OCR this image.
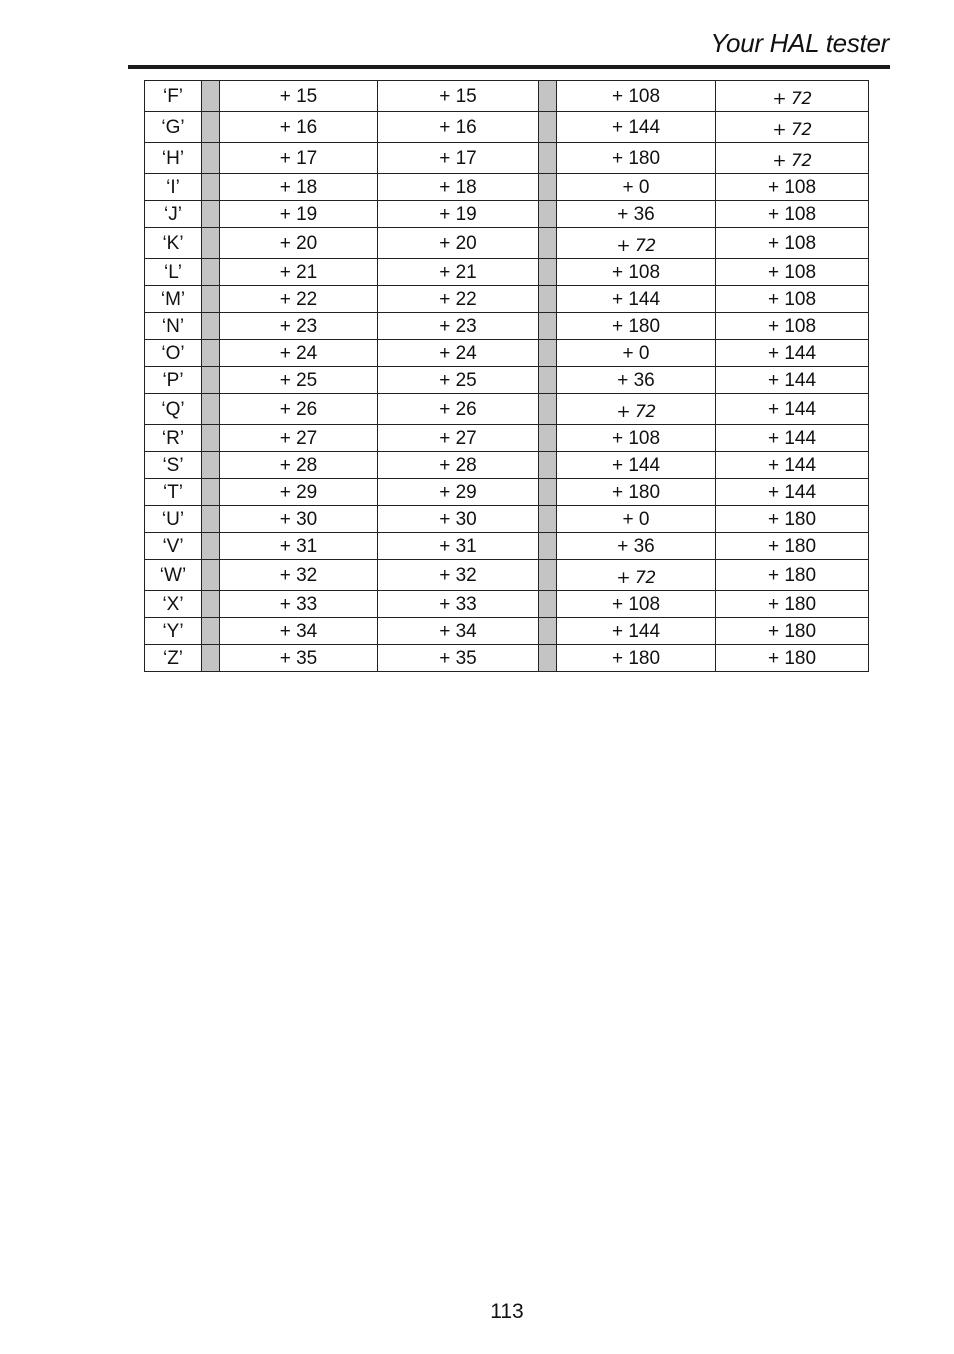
Your HAL tester
‘F’		+ 15	+ 15		+ 108	+ 72
‘G’		+ 16	+ 16		+ 144	+ 72
‘H’		+ 17	+ 17		+ 180	+ 72
‘I’		+ 18	+ 18		+ 0	+ 108
‘J’		+ 19	+ 19		+ 36	+ 108
‘K’		+ 20	+ 20		+ 72	+ 108
‘L’		+ 21	+ 21		+ 108	+ 108
‘M’		+ 22	+ 22		+ 144	+ 108
‘N’		+ 23	+ 23		+ 180	+ 108
‘O’		+ 24	+ 24		+ 0	+ 144
‘P’		+ 25	+ 25		+ 36	+ 144
‘Q’		+ 26	+ 26		+ 72	+ 144
‘R’		+ 27	+ 27		+ 108	+ 144
‘S’		+ 28	+ 28		+ 144	+ 144
‘T’		+ 29	+ 29		+ 180	+ 144
‘U’		+ 30	+ 30		+ 0	+ 180
‘V’		+ 31	+ 31		+ 36	+ 180
‘W’		+ 32	+ 32		+ 72	+ 180
‘X’		+ 33	+ 33		+ 108	+ 180
‘Y’		+ 34	+ 34		+ 144	+ 180
‘Z’		+ 35	+ 35		+ 180	+ 180
113
